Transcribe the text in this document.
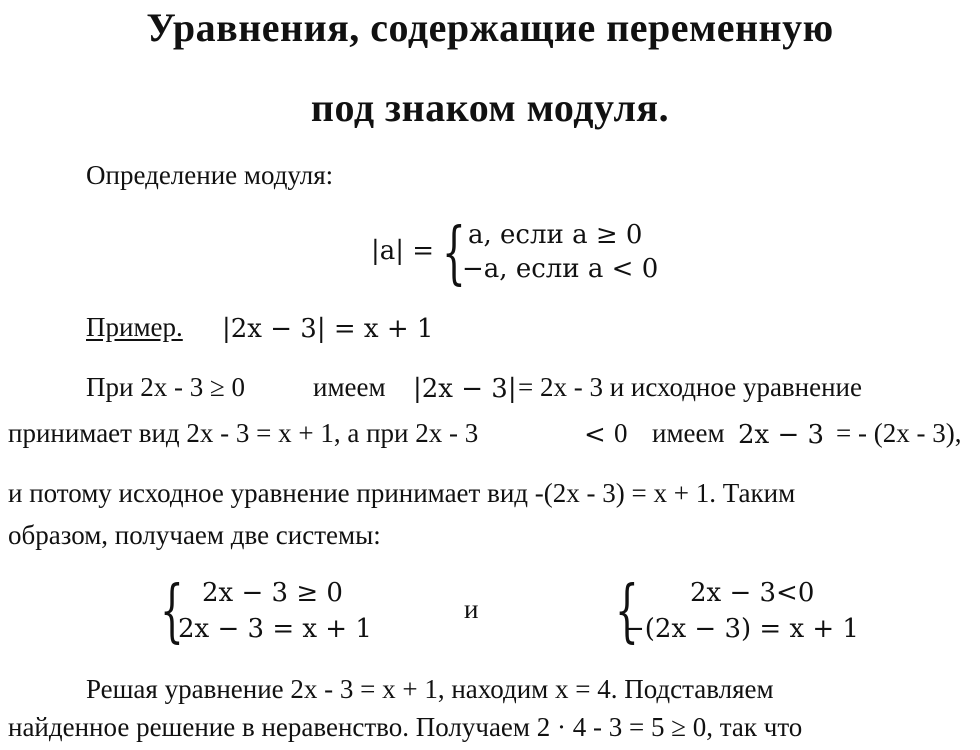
Уравнения, содержащие переменную
под знаком модуля.
Определение модуля:
|a| = { a, если a ≥ 0
−a, если a < 0
Пример. |2x − 3| = x + 1
При 2x - 3 ≥ 0	имеем |2x − 3| = 2x - 3 и исходное уравнение
принимает вид 2x - 3 = x + 1, а при 2x - 3	< 0 имеем 2x − 3 = - (2x - 3),
и потому исходное уравнение принимает вид -(2x - 3) = x + 1. Таким
образом, получаем две системы:
{ 2x − 3 ≥ 0
2x − 3 = x + 1
и { 2x − 3<0
−(2x − 3) = x + 1
Решая уравнение 2x - 3 = x + 1, находим x = 4. Подставляем
найденное решение в неравенство. Получаем 2 · 4 - 3 = 5 ≥ 0, так что
